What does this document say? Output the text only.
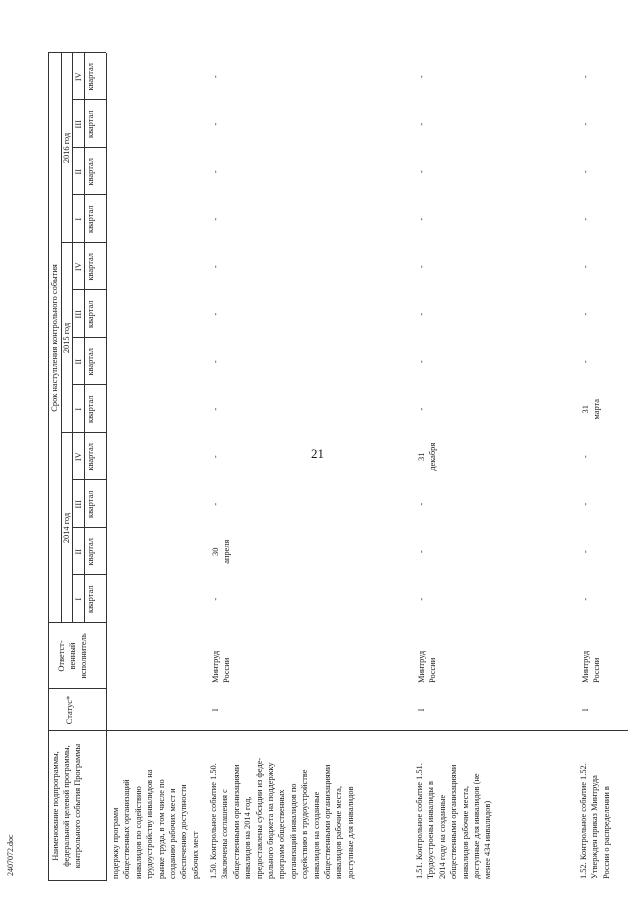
21
2407072.doc	Наименование подпрограммы, федеральной целевой программы, контрольного события Программы
Статус*
Ответст- венный исполнитель
Срок наступления контрольного события
2014 год
2015 год
2016 год
I квартал
II квартал
III квартал
IV квартал
I квартал
II квартал
III квартал
IV квартал
I квартал
II квартал
III квартал
IV квартал
подержку программ общественных организаций инвалидов по содействию трудоустройству инвалидов на рынке труда, в том числе по созданию рабочих мест и обеспечению доступности рабочих мест 1.50. Контрольное событие 1.50. Заключены соглашения с общественными организациями инвалидов на 2014 год, предоставлены субсидии из феде- рального бюджета на поддержку программ общественных организаций инвалидов по содействию в трудоустройстве инвалидов на созданные общественными организациями инвалидов рабочие места, доступные для инвалидов
I
Минтруд России
-
30 апреля
-
-
-
-
-
-
-
-
-
-
1.51. Контрольное событие 1.51. Трудоустроены инвалиды в 2014 году на созданные общественными организациями инвалидов рабочие места, доступные для инвалидов (не менее 434 инвалидов)
I
Минтруд России
-
-
-
31 декабря
-
-
-
-
-
-
-
-
1.52. Контрольное событие 1.52. Утвержден приказ Минтруда России о распределении в
I
Минтруд России
-
-
-
-
31 марта
-
-
-
-
-
-
-
